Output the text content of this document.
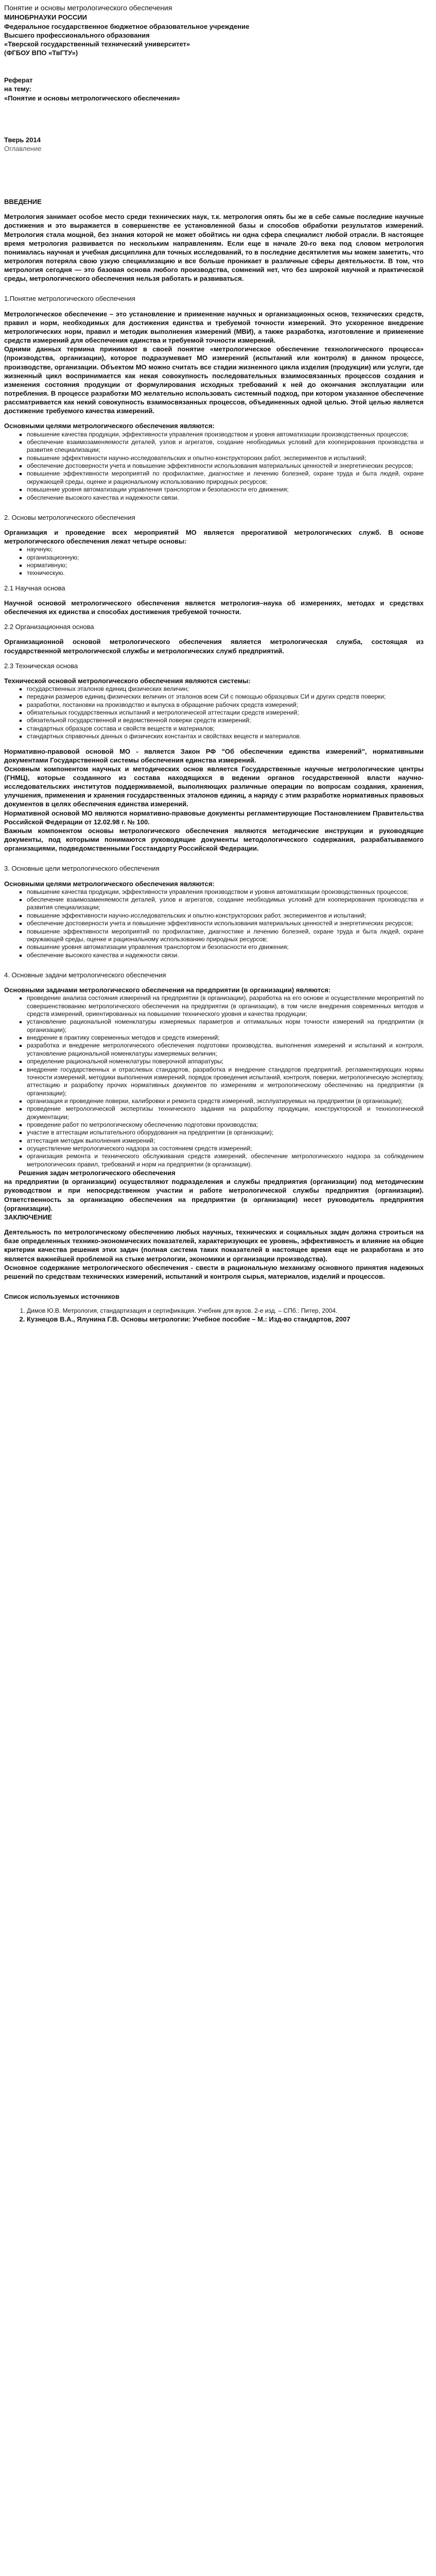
Понятие и основы метрологического обеспечения
МИНОБРНАУКИ РОССИИ
Федеральное государственное бюджетное образовательное учреждение
Высшего профессионального образования
«Тверской государственный технический университет»
(ФГБОУ ВПО «ТвГТУ»)
Реферат
на тему:
«Понятие и основы метрологического обеспечения»
Тверь 2014
Оглавление
ВВЕДЕНИЕ
Метрология занимает особое место среди технических наук, т.к. метрология опять бы же в себе самые последние научные достижения и это выражается в совершенстве ее установленной базы и способов обработки результатов измерений. Метрология стала мощной, без знания которой не может обойтись ни одна сфера специалист любой отрасли. В настоящее время метрология развивается по нескольким направлениям. Если еще в начале 20-го века под словом метрология понималась научная и учебная дисциплина для точных исследований, то в последние десятилетия мы можем заметить, что метрология потеряла свою узкую специализацию и все больше проникает в различные сферы деятельности. В том, что метрология сегодня — это базовая основа любого производства, сомнений нет, что без широкой научной и практической среды, метрологического обеспечения нельзя работать и развиваться.
1.Понятие метрологического обеспечения
Метрологическое обеспечение – это установление и применение научных и организационных основ, технических средств, правил и норм, необходимых для достижения единства и требуемой точности измерений. Это ускоренное внедрение метрологических норм, правил и методик выполнения измерений (МВИ), а также разработка, изготовление и применение средств измерений для обеспечения единства и требуемой точности измерений.
Одними данных термина принимают в своей понятие «метрологическое обеспечение технологического процесса» (производства, организации), которое подразумевает МО измерений (испытаний или контроля) в данном процессе, производстве, организации. Объектом МО можно считать все стадии жизненного цикла изделия (продукции) или услуги, где жизненный цикл воспринимается как некая совокупность последовательных взаимосвязанных процессов создания и изменения состояния продукции от формулирования исходных требований к ней до окончания эксплуатации или потребления. В процессе разработки МО желательно использовать системный подход, при котором указанное обеспечение рассматривается как некий совокупность взаимосвязанных процессов, объединенных одной целью. Этой целью является достижение требуемого качества измерений.
Основными целями метрологического обеспечения являются:
▪ повышение качества продукции, эффективности управления производством и уровня автоматизации производственных процессов;
▪ обеспечение взаимозаменяемости деталей, узлов и агрегатов, создание необходимых условий для кооперирования производства и развития специализации;
▪ повышение эффективности научно-исследовательских и опытно-конструкторских работ, экспериментов и испытаний;
▪ обеспечение достоверности учета и повышение эффективности использования материальных ценностей и энергетических ресурсов;
▪ повышение эффективности мероприятий по профилактике, диагностике и лечению болезней, охране труда и быта людей, охране окружающей среды, оценке и рациональному использованию природных ресурсов;
▪ повышение уровня автоматизации управления транспортом и безопасности его движения;
▪ обеспечение высокого качества и надежности связи.
2. Основы метрологического обеспечения
Организация и проведение всех мероприятий МО является прерогативой метрологических служб. В основе метрологического обеспечения лежат четыре основы:
▪ научную;
▪ организационную;
▪ нормативную;
▪ техническую.
2.1 Научная основа
Научной основой метрологического обеспечения является метрология–наука об измерениях, методах и средствах обеспечения их единства и способах достижения требуемой точности.
2.2 Организационная основа
Организационной основой метрологического обеспечения является метрологическая служба, состоящая из государственной метрологической службы и метрологических служб предприятий.
2.3 Техническая основа
Технической основой метрологического обеспечения являются системы:
▪ государственных эталонов единиц физических величин;
▪ передачи размеров единиц физических величин от эталонов всем СИ с помощью образцовых СИ и других средств поверки;
▪ разработки, постановки на производство и выпуска в обращение рабочих средств измерений;
▪ обязательных государственных испытаний и метрологической аттестации средств измерений;
▪ обязательной государственной и ведомственной поверки средств измерений;
▪ стандартных образцов состава и свойств веществ и материалов;
▪ стандартных справочных данных о физических константах и свойствах веществ и материалов.
Нормативно-правовой основой МО - является Закон РФ "Об обеспечении единства измерений", нормативными документами Государственной системы обеспечения единства измерений.
Основным компонентом научных и методических основ является Государственные научные метрологические центры (ГНМЦ), которые созданного из состава находящихся в ведении органов государственной власти научно-исследовательских институтов поддерживаемой, выполняющих различные операции по вопросам создания, хранения, улучшения, применения и хранения государственных эталонов единиц, а наряду с этим разработке нормативных правовых документов в целях обеспечения единства измерений.
Нормативной основой МО являются нормативно-правовые документы регламентирующие Постановлением Правительства Российской Федерации от 12.02.98 г. № 100.
Важным компонентом основы метрологического обеспечения являются методические инструкции и руководящие документы, под которыми понимаются руководящие документы методологического содержания, разрабатываемого организациями, подведомственными Госстандарту Российской Федерации.
3. Основные цели метрологического обеспечения
Основными целями метрологического обеспечения являются:
▪ повышение качества продукции, эффективности управления производством и уровня автоматизации производственных процессов;
▪ обеспечение взаимозаменяемости деталей, узлов и агрегатов, создание необходимых условий для кооперирования производства и развития специализации;
▪ повышение эффективности научно-исследовательских и опытно-конструкторских работ, экспериментов и испытаний;
▪ обеспечение достоверности учета и повышение эффективности использования материальных ценностей и энергетических ресурсов;
▪ повышение эффективности мероприятий по профилактике, диагностике и лечению болезней, охране труда и быта людей, охране окружающей среды, оценке и рациональному использованию природных ресурсов;
▪ повышение уровня автоматизации управления транспортом и безопасности его движения;
▪ обеспечение высокого качества и надежности связи.
4. Основные задачи метрологического обеспечения
Основными задачами метрологического обеспечения на предприятии (в организации) являются:
▪ проведение анализа состояния измерений на предприятии (в организации), разработка на его основе и осуществление мероприятий по совершенствованию метрологического обеспечения на предприятии (в организации), в том числе внедрения современных методов и средств измерений, ориентированных на повышение технического уровня и качества продукции;
▪ установление рациональной номенклатуры измеряемых параметров и оптимальных норм точности измерений на предприятии (в организации);
▪ внедрение в практику современных методов и средств измерений;
▪ разработка и внедрение метрологического обеспечения подготовки производства, выполнения измерений и испытаний и контроля, установление рациональной номенклатуры измеряемых величин;
▪ определение рациональной номенклатуры поверочной аппаратуры;
▪ внедрение государственных и отраслевых стандартов, разработка и внедрение стандартов предприятий, регламентирующих нормы точности измерений, методики выполнения измерений, порядок проведения испытаний, контроля, поверки, метрологическую экспертизу, аттестацию и разработку прочих нормативных документов по измерениям и метрологическому обеспечению на предприятии (в организации);
▪ организация и проведение поверки, калибровки и ремонта средств измерений, эксплуатируемых на предприятии (в организации);
▪ проведение метрологической экспертизы технического задания на разработку продукции, конструкторской и технологической документации;
▪ проведение работ по метрологическому обеспечению подготовки производства;
▪ участие в аттестации испытательного оборудования на предприятии (в организации);
▪ аттестация методик выполнения измерений;
▪ осуществление метрологического надзора за состоянием средств измерений;
▪ организация ремонта и технического обслуживания средств измерений, обеспечение метрологического надзора за соблюдением метрологических правил, требований и норм на предприятии (в организации).
Решения задач метрологического обеспечения
на предприятии (в организации) осуществляют подразделения и службы предприятия (организации) под методическим руководством и при непосредственном участии и работе метрологической службы предприятия (организации). Ответственность за организацию обеспечения на предприятии (в организации) несет руководитель предприятия (организации).
ЗАКЛЮЧЕНИЕ
Деятельность по метрологическому обеспечению любых научных, технических и социальных задач должна строиться на базе определенных технико-экономических показателей, характеризующих ее уровень, эффективность и влияние на общие критерии качества решения этих задач (полная система таких показателей в настоящее время еще не разработана и это является важнейшей проблемой на стыке метрологии, экономики и организации производства).
Основное содержание метрологического обеспечения - свести в рациональную механизму основного принятия надежных решений по средствам технических измерений, испытаний и контроля сырья, материалов, изделий и процессов.
Список используемых источников
1. Димов Ю.В. Метрология, стандартизация и сертификация. Учебник для вузов. 2-е изд. – СПб.: Питер, 2004.
2. Кузнецов В.А., Ялунина Г.В. Основы метрологии: Учебное пособие – М.: Изд-во стандартов, 2007
